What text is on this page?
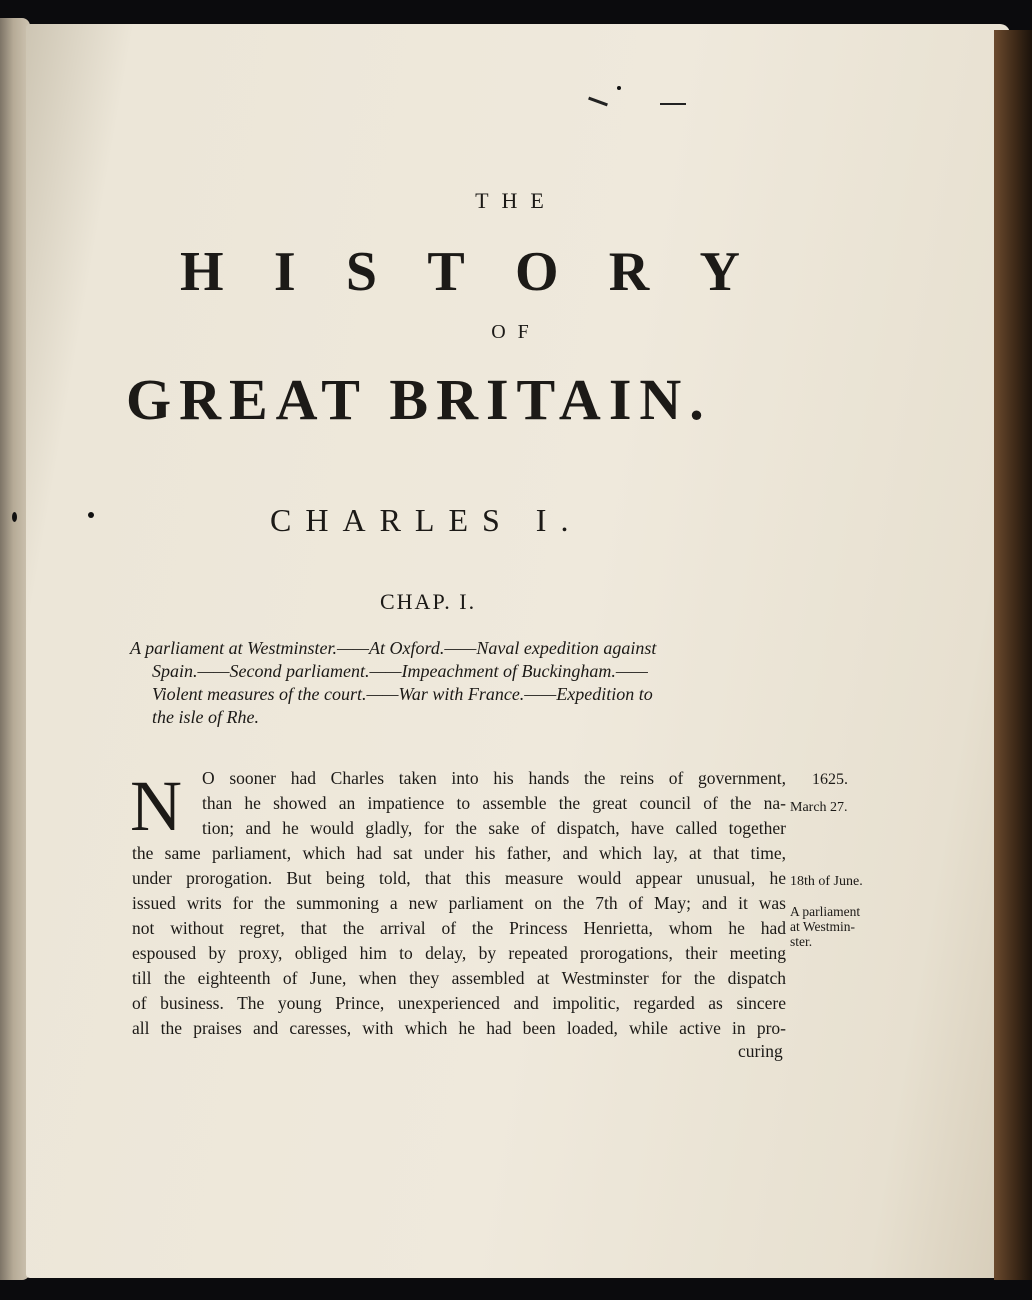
THE
H I S T O R Y
OF
GREAT BRITAIN.
CHARLES I.
CHAP. I.
A parliament at Westminster.——At Oxford.——Naval expedition against
Spain.——Second parliament.——Impeachment of Buckingham.——
Violent measures of the court.——War with France.——Expedition to
the isle of Rhe.
N O sooner had Charles taken into his hands the reins of government,
than he showed an impatience to assemble the great council of the na-
tion; and he would gladly, for the sake of dispatch, have called together
the same parliament, which had sat under his father, and which lay, at that time,
under prorogation. But being told, that this measure would appear unusual, he
issued writs for the summoning a new parliament on the 7th of May; and it was
not without regret, that the arrival of the Princess Henrietta, whom he had
espoused by proxy, obliged him to delay, by repeated prorogations, their meeting
till the eighteenth of June, when they assembled at Westminster for the dispatch
of business. The young Prince, unexperienced and impolitic, regarded as sincere
all the praises and caresses, with which he had been loaded, while active in pro-
curing
1625.
March 27.
18th of June.
A parliament
at Westmin-
ster.
